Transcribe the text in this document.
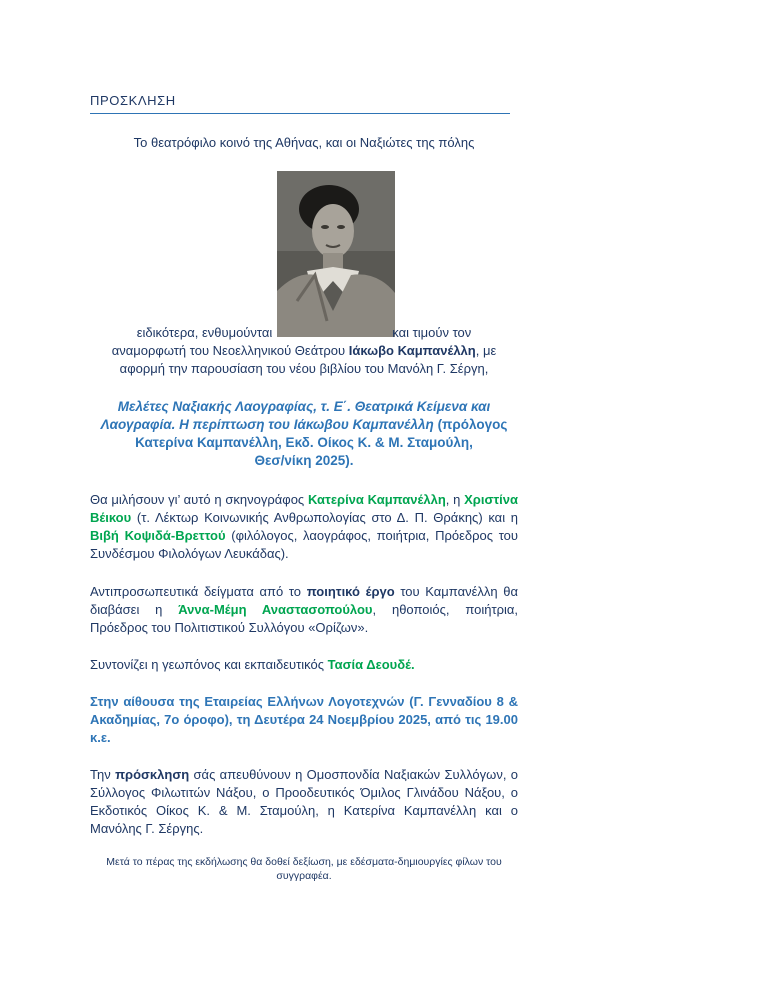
ΠΡΟΣΚΛΗΣΗ
Το θεατρόφιλο κοινό της Αθήνας, και οι Ναξιώτες της πόλης
ειδικότερα, ενθυμούνται	και τιμούν τον
αναμορφωτή του Νεοελληνικού Θεάτρου Ιάκωβο Καμπανέλλη, με
αφορμή την παρουσίαση του νέου βιβλίου του Μανόλη Γ. Σέργη,
Μελέτες Ναξιακής Λαογραφίας, τ. Ε΄. Θεατρικά Κείμενα και
Λαογραφία. Η περίπτωση του Ιάκωβου Καμπανέλλη (πρόλογος
Κατερίνα Καμπανέλλη, Εκδ. Οίκος Κ. & Μ. Σταμούλη,
Θεσ/νίκη 2025).
Θα μιλήσουν γι’ αυτό η σκηνογράφος Κατερίνα Καμπανέλλη, η Χριστίνα Βέικου (τ. Λέκτωρ Κοινωνικής Ανθρωπολογίας στο Δ. Π. Θράκης) και η Βιβή Κοψιδά-Βρεττού (φιλόλογος, λαογράφος, ποιήτρια, Πρόεδρος του Συνδέσμου Φιλολόγων Λευκάδας).
Αντιπροσωπευτικά δείγματα από το ποιητικό έργο του Καμπανέλλη θα διαβάσει η Άννα-Μέμη Αναστασοπούλου, ηθοποιός, ποιήτρια, Πρόεδρος του Πολιτιστικού Συλλόγου «Ορίζων».
Συντονίζει η γεωπόνος και εκπαιδευτικός Τασία Δεουδέ.
Στην αίθουσα της Εταιρείας Ελλήνων Λογοτεχνών (Γ. Γενναδίου 8 & Ακαδημίας, 7ο όροφο), τη Δευτέρα 24 Νοεμβρίου 2025, από τις 19.00 κ.ε.
Την πρόσκληση σάς απευθύνουν η Ομοσπονδία Ναξιακών Συλλόγων, ο Σύλλογος Φιλωτιτών Νάξου, ο Προοδευτικός Όμιλος Γλινάδου Νάξου, ο Εκδοτικός Οίκος Κ. & Μ. Σταμούλη, η Κατερίνα Καμπανέλλη και ο Μανόλης Γ. Σέργης.
Μετά το πέρας της εκδήλωσης θα δοθεί δεξίωση, με εδέσματα-δημιουργίες φίλων του συγγραφέα.
